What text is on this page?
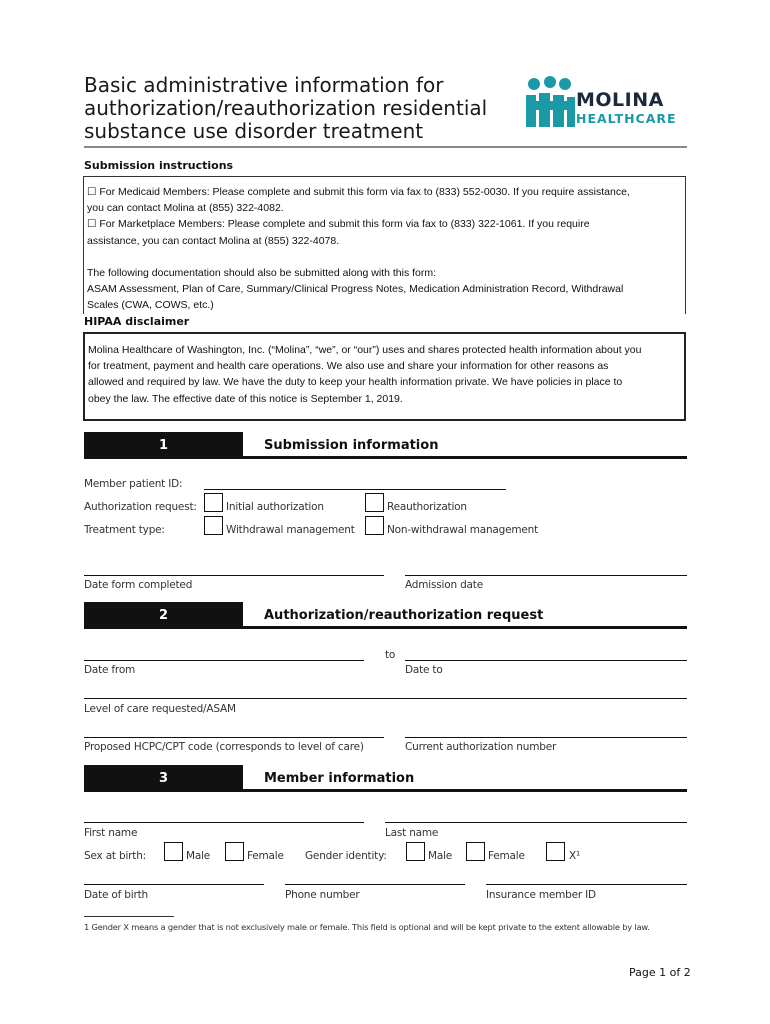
Basic administrative information for
authorization/reauthorization residential
substance use disorder treatment
MOLINA
HEALTHCARE
Submission instructions

☐ For Medicaid Members: Please complete and submit this form via fax to (833) 552-0030. If you require assistance,

you can contact Molina at (855) 322-4082.

☐ For Marketplace Members: Please complete and submit this form via fax to (833) 322-1061. If you require

assistance, you can contact Molina at (855) 322-4078.

The following documentation should also be submitted along with this form:

ASAM Assessment, Plan of Care, Summary/Clinical Progress Notes, Medication Administration Record, Withdrawal

Scales (CWA, COWS, etc.)

HIPAA disclaimer

Molina Healthcare of Washington, Inc. (“Molina”, “we”, or “our”) uses and shares protected health information about you

for treatment, payment and health care operations. We also use and share your information for other reasons as

allowed and required by law. We have the duty to keep your health information private. We have policies in place to

obey the law. The effective date of this notice is September 1, 2019.

1	Submission information
Member patient ID:
Authorization request:	Initial authorization	Reauthorization
Treatment type:	Withdrawal management	Non-withdrawal management
Date form completed	Admission date
2	Authorization/reauthorization request
to
Date from	Date to
Level of care requested/ASAM
Proposed HCPC/CPT code (corresponds to level of care)	Current authorization number
3	Member information
First name	Last name
Sex at birth:	Male	Female Gender identity:	Male	Female	X¹
Date of birth	Phone number	Insurance member ID
1 Gender X means a gender that is not exclusively male or female. This field is optional and will be kept private to the extent allowable by law.
Page 1 of 2
